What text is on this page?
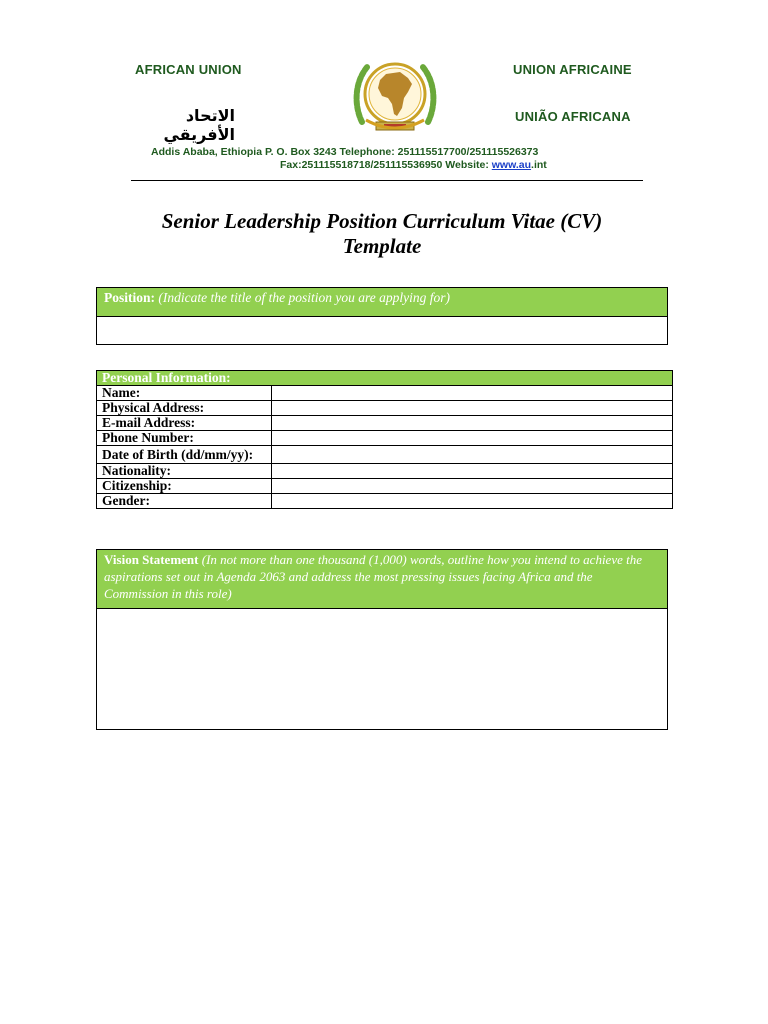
AFRICAN UNION	UNION AFRICAINE
الاتحاد الأفريقي
UNIÃO AFRICANA
Addis Ababa, Ethiopia P. O. Box 3243 Telephone: 251115517700/251115526373
Fax:251115518718/251115536950 Website: www.au.int
Senior Leadership Position Curriculum Vitae (CV)
Template
Position: (Indicate the title of the position you are applying for)
Personal Information:	
Name:	
Physical Address:	
E-mail Address:	
Phone Number:	
Date of Birth (dd/mm/yy):	
Nationality:	
Citizenship:	
Gender:	
Vision Statement (In not more than one thousand (1,000) words, outline how you intend to achieve the aspirations set out in Agenda 2063 and address the most pressing issues facing Africa and the Commission in this role)
